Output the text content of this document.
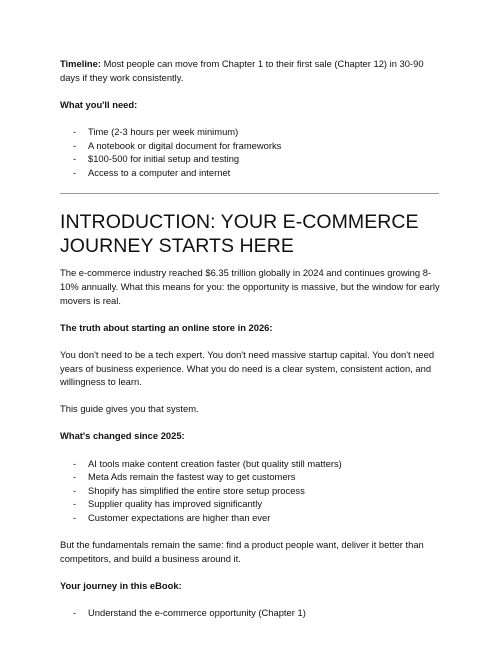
Timeline: Most people can move from Chapter 1 to their first sale (Chapter 12) in 30-90 days if they work consistently.

What you'll need:

- Time (2-3 hours per week minimum)
- A notebook or digital document for frameworks
- $100-500 for initial setup and testing
- Access to a computer and internet
INTRODUCTION: YOUR E-COMMERCE JOURNEY STARTS HERE

The e-commerce industry reached $6.35 trillion globally in 2024 and continues growing 8-10% annually. What this means for you: the opportunity is massive, but the window for early movers is real.

The truth about starting an online store in 2026:

You don't need to be a tech expert. You don't need massive startup capital. You don't need years of business experience. What you do need is a clear system, consistent action, and willingness to learn.

This guide gives you that system.

What's changed since 2025:

- AI tools make content creation faster (but quality still matters)
- Meta Ads remain the fastest way to get customers
- Shopify has simplified the entire store setup process
- Supplier quality has improved significantly
- Customer expectations are higher than ever

But the fundamentals remain the same: find a product people want, deliver it better than competitors, and build a business around it.

Your journey in this eBook:

- Understand the e-commerce opportunity (Chapter 1)
